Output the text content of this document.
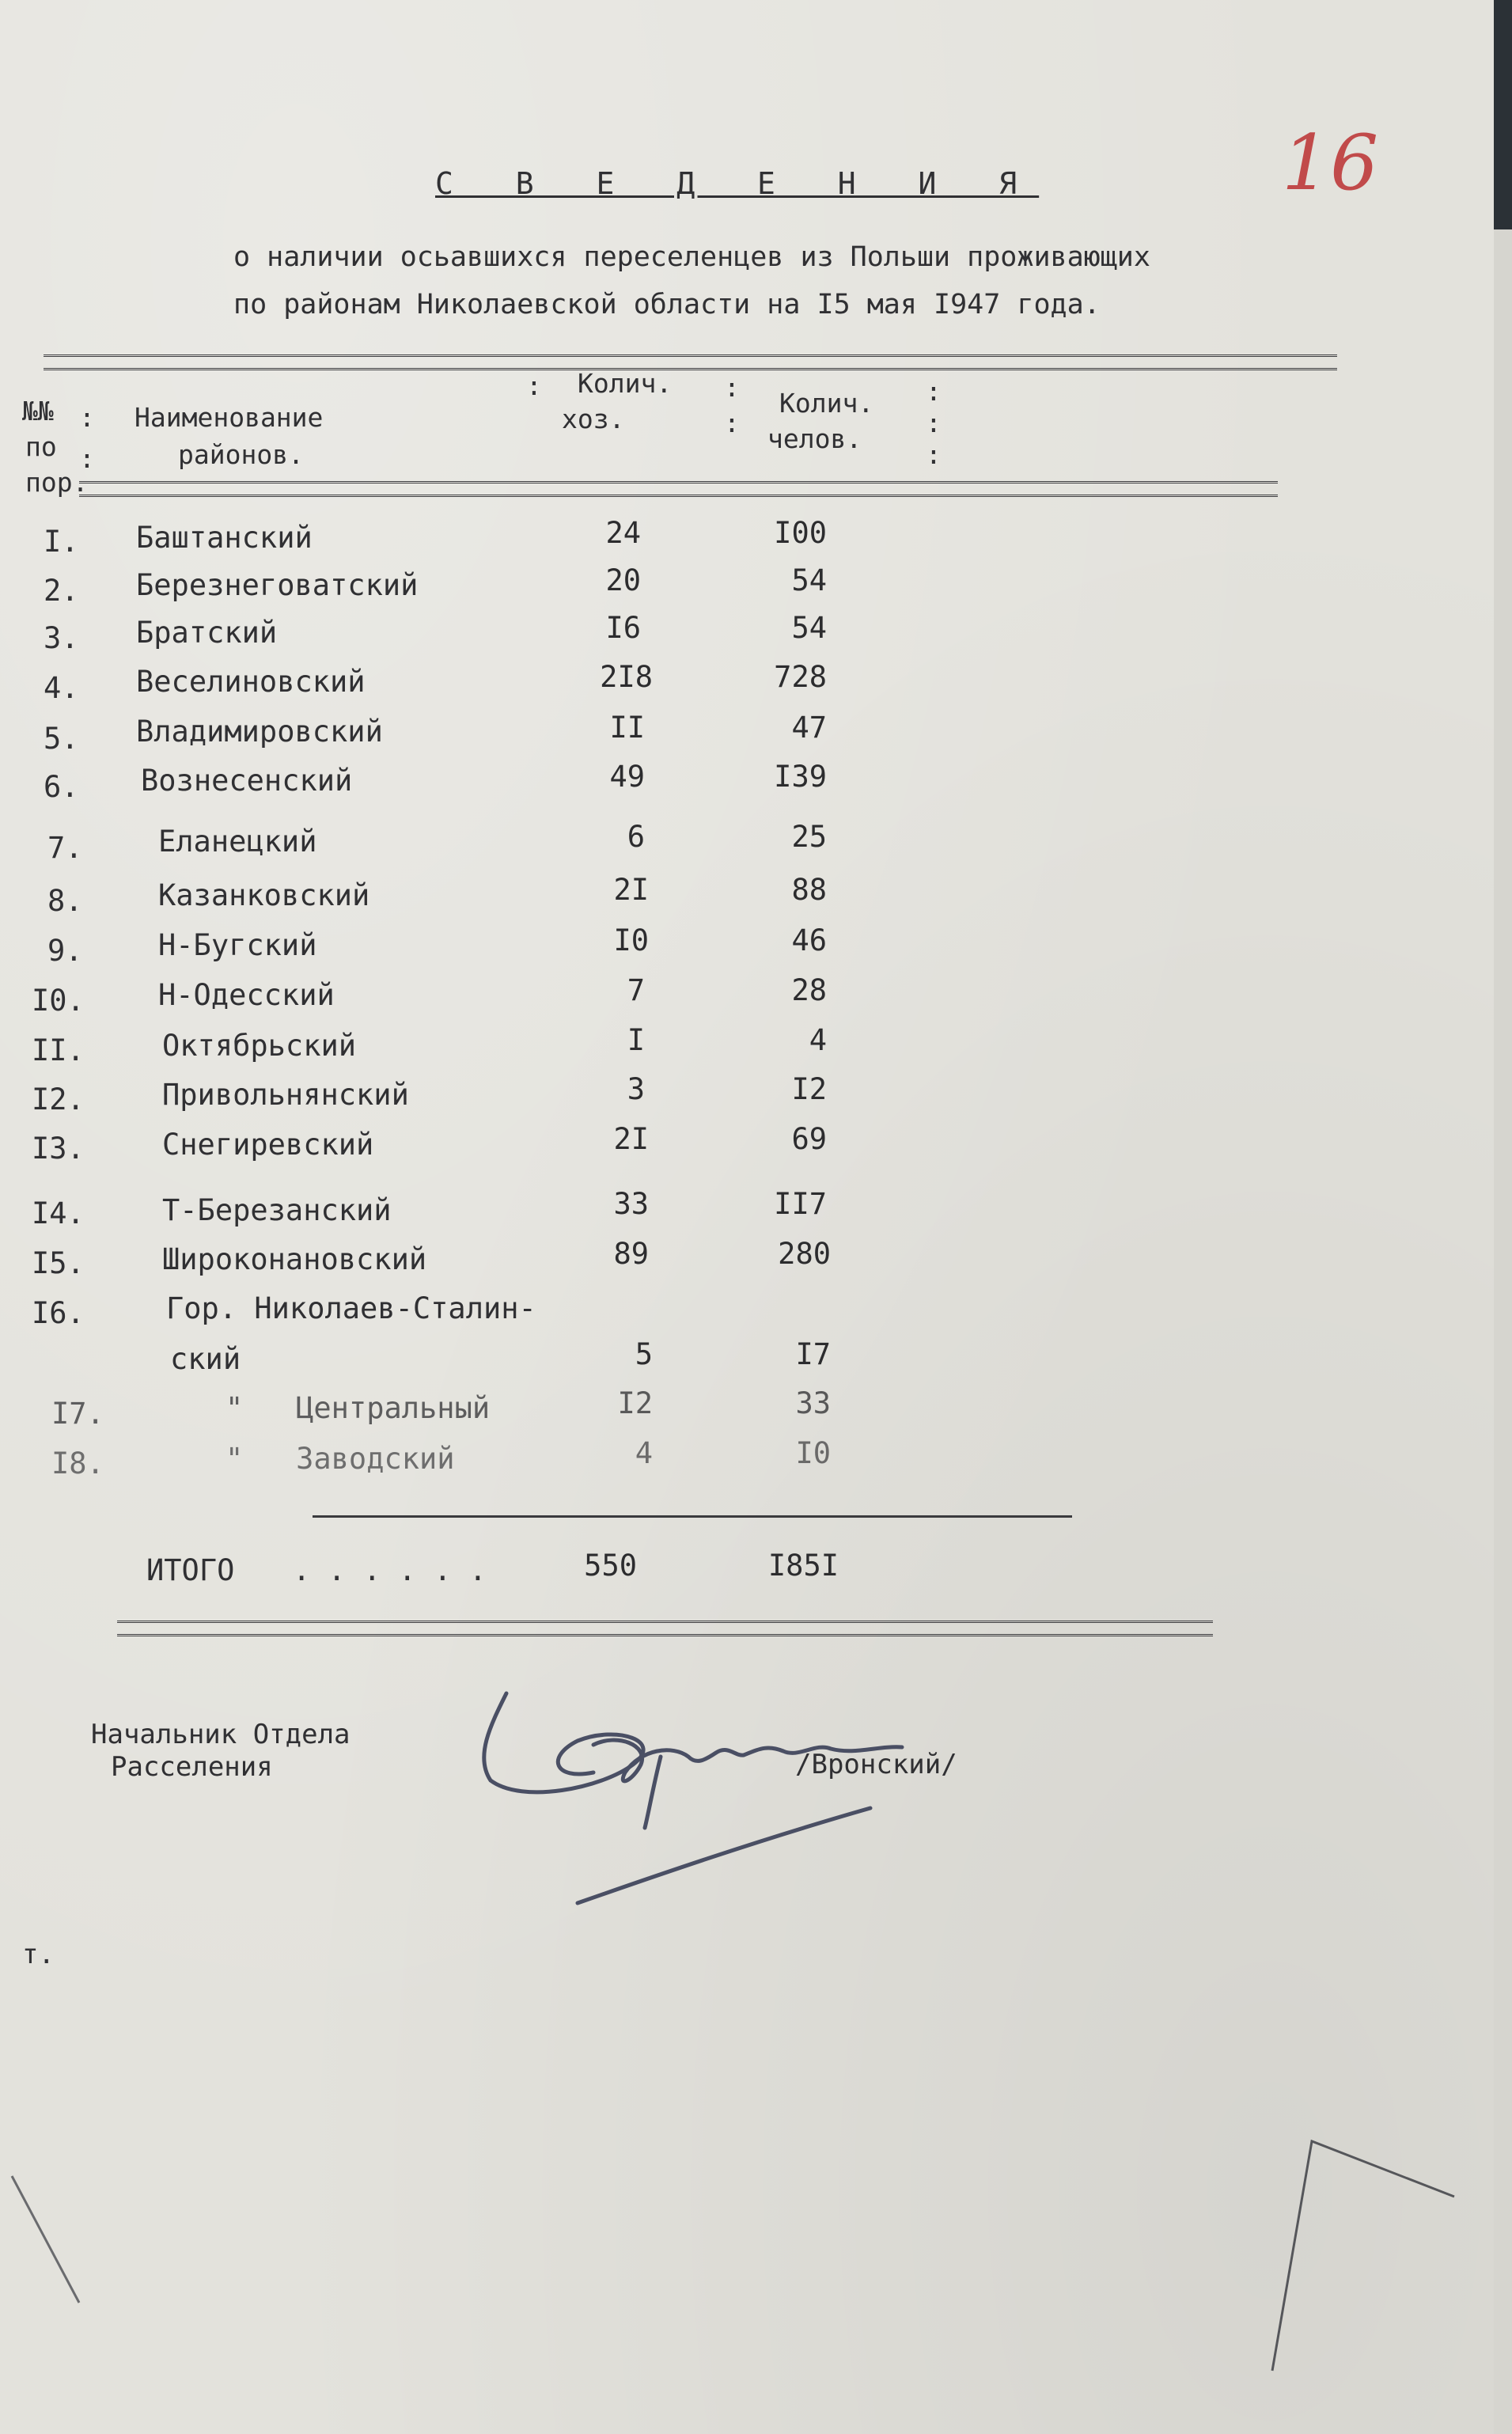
16
С В Е Д Е Н И Я
о наличии осьавшихся переселенцев из Польши проживающих
по районам Николаевской области на I5 мая I947 года.
№№
по
пор.
:
:
Наименование
районов.
: Колич.
хоз.
:
:
Колич.
челов.
:
:
:
I. Баштанский	24	I00
2. Березнеговатский	20	54
3. Братский	I6	54
4. Веселиновский	2I8	728
5. Владимировский	II	47
6. Вознесенский	49	I39
7.	Еланецкий	6	25
8.	Казанковский	2I	88
9.	Н-Бугский	I0	46
I0.	Н-Одесский	7	28
II.	Октябрьский	I	4
I2.	Привольнянский	3	I2
I3.	Снегиревский	2I	69
I4.	Т-Березанский	33	II7
I5.	Широконановский	89	280
I6.	Гор. Николаев-Сталин-
ский	5	I7
I7.	"   Центральный	I2	33
I8.	"   Заводский	4	I0
ИТОГО . . . . . .	550	I85I
Начальник Отдела
Расселения	/Вронский/
т.
